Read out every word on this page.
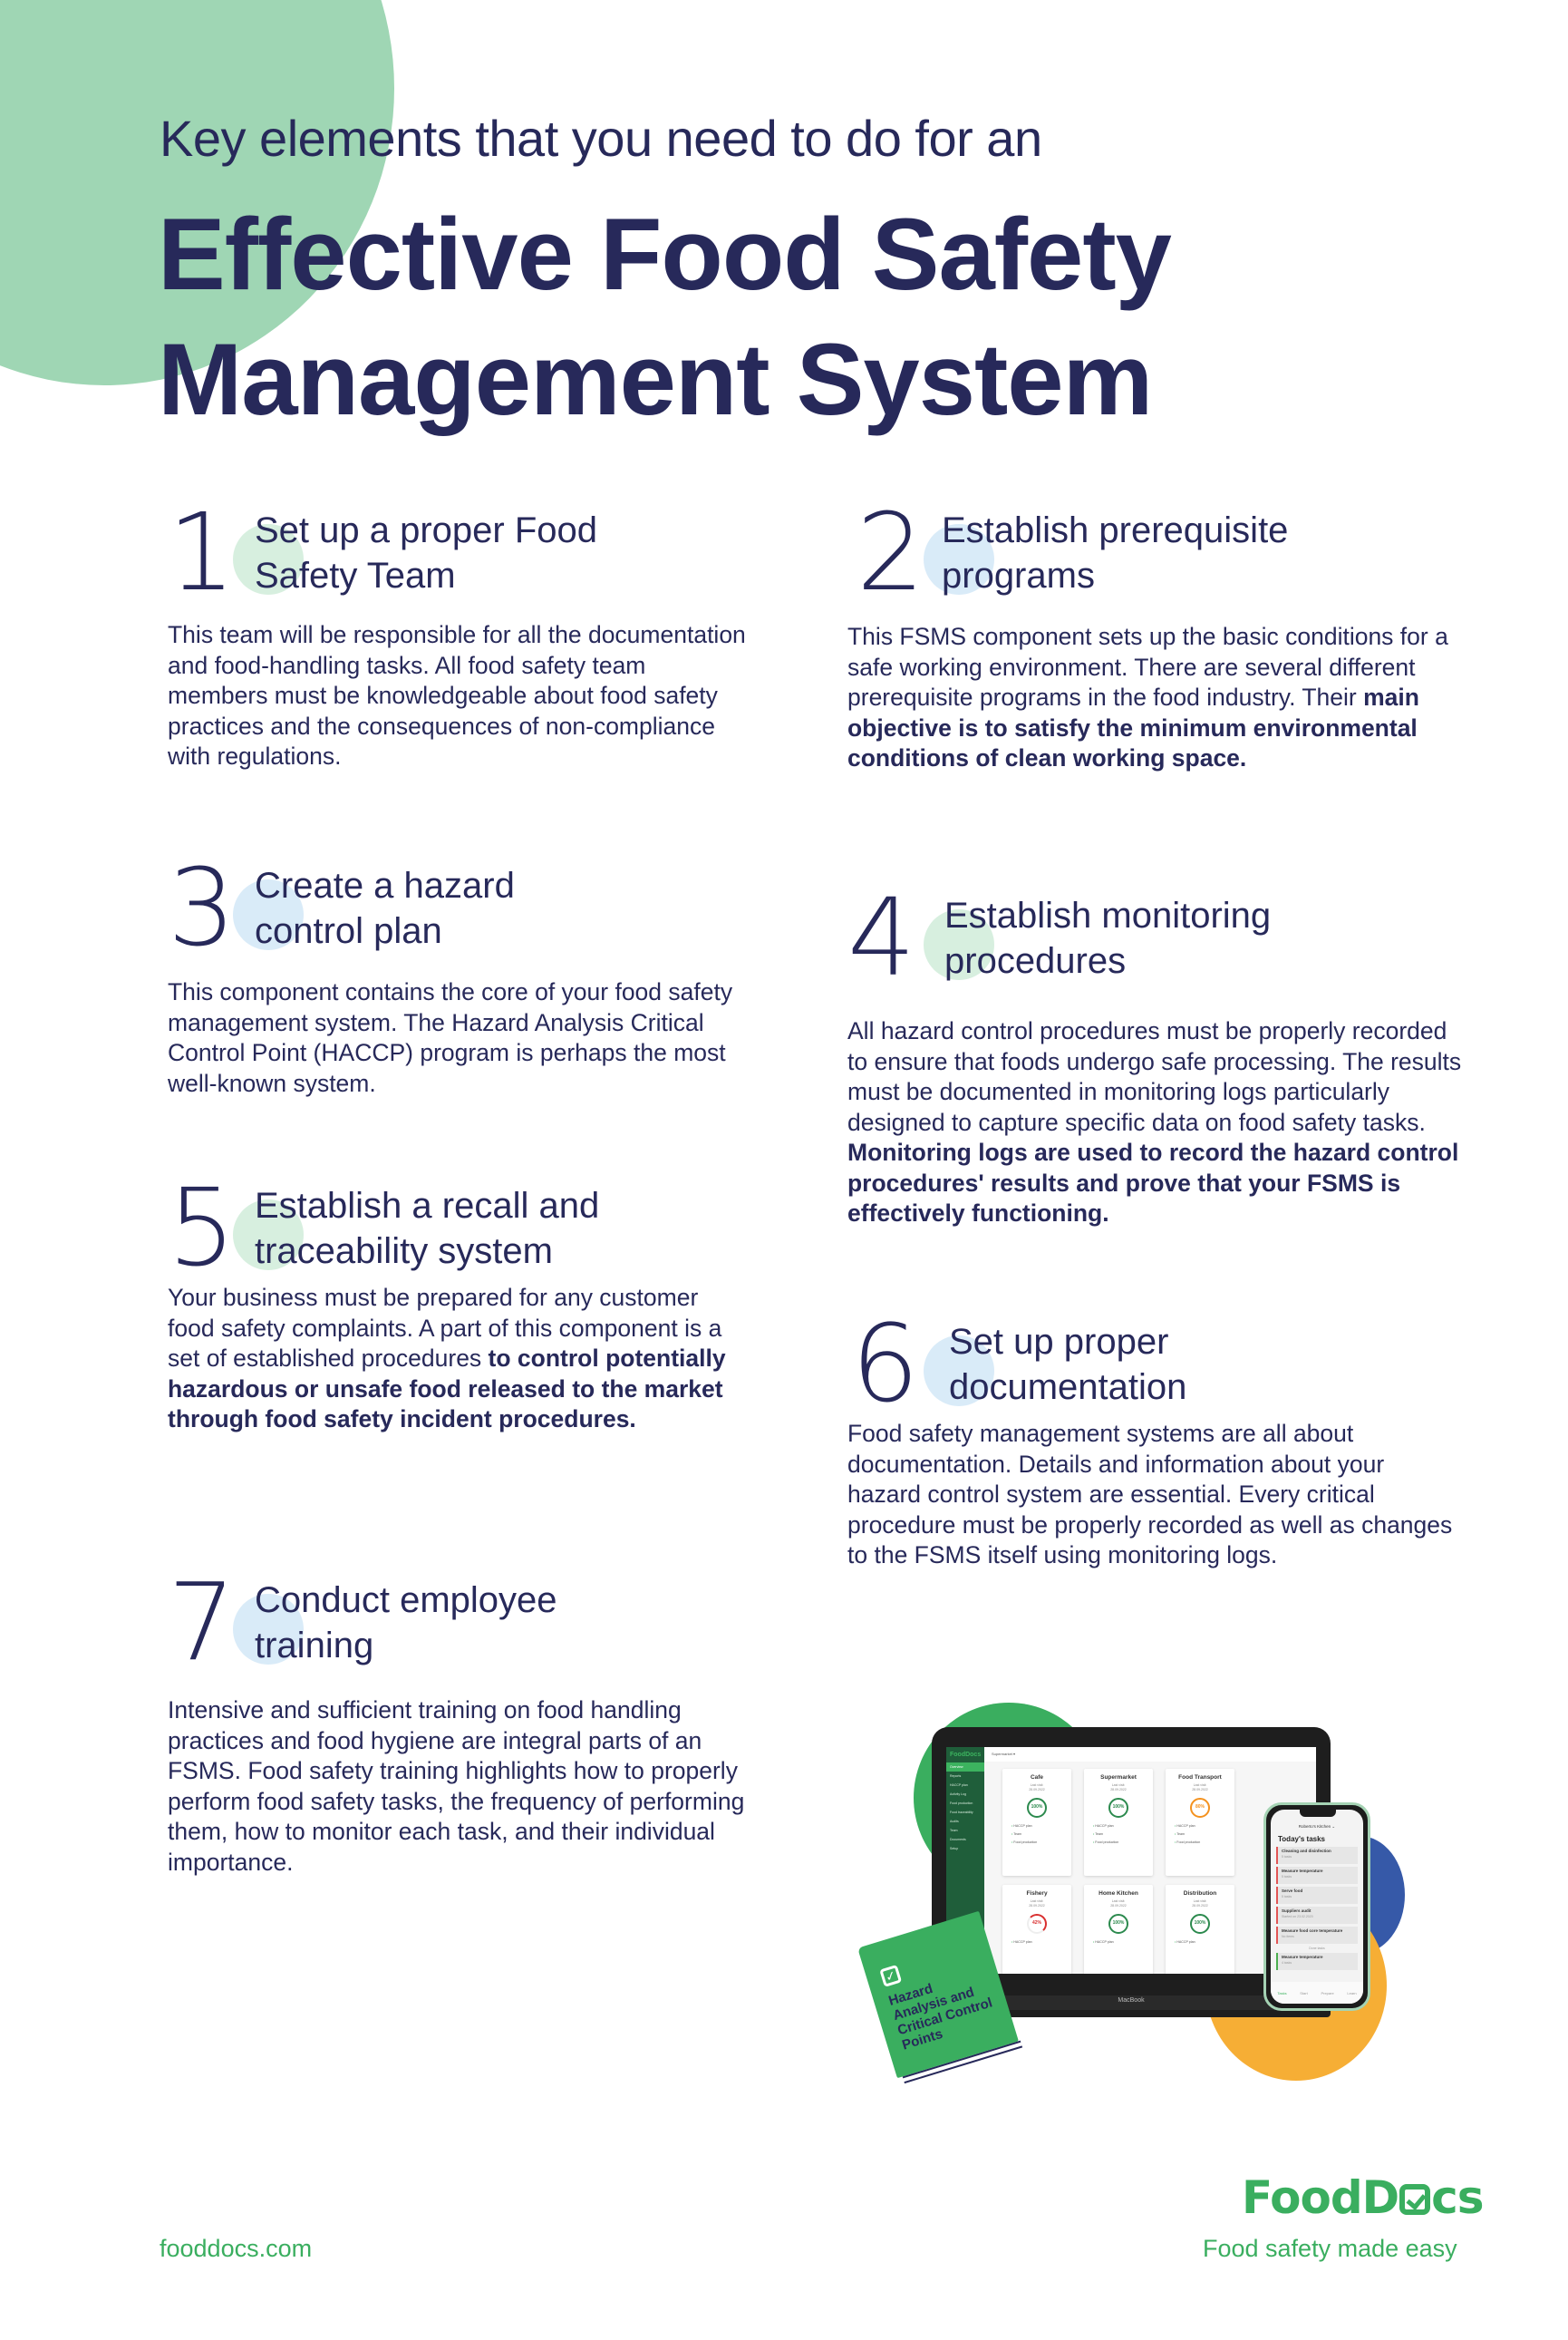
Key elements that you need to do for an
Effective Food Safety
Management System
1 Set up a proper Food Safety Team
This team will be responsible for all the documentation and food-handling tasks. All food safety team members must be knowledgeable about food safety practices and the consequences of non-compliance with regulations.
2 Establish prerequisite programs
This FSMS component sets up the basic conditions for a safe working environment. There are several different prerequisite programs in the food industry. Their main objective is to satisfy the minimum environmental conditions of clean working space.
3 Create a hazard control plan
This component contains the core of your food safety management system. The Hazard Analysis Critical Control Point (HACCP) program is perhaps the most well-known system.
4 Establish monitoring procedures
All hazard control procedures must be properly recorded to ensure that foods undergo safe processing. The results must be documented in monitoring logs particularly designed to capture specific data on food safety tasks. Monitoring logs are used to record the hazard control procedures' results and prove that your FSMS is effectively functioning.
5 Establish a recall and traceability system
Your business must be prepared for any customer food safety complaints. A part of this component is a set of established procedures to control potentially hazardous or unsafe food released to the market through food safety incident procedures.	6 Set up proper documentation
Food safety management systems are all about documentation. Details and information about your hazard control system are essential. Every critical procedure must be properly recorded as well as changes to the FSMS itself using monitoring logs.
7 Conduct employee training
Intensive and sufficient training on food handling practices and food hygiene are integral parts of an FSMS. Food safety training highlights how to properly perform food safety tasks, the frequency of performing them, how to monitor each task, and their individual importance.
FoodDocs
Overview
Reports
HACCP plan
Activity Log
Food production
Food traceability
Audits
Team
Documents
Setup
Supermarket ▾
Cafe
Last visit:
28.09.2022
100%
• HACCP plan
• Team
• Food production
Supermarket
Last visit:
28.09.2022
100%
• HACCP plan
• Team
• Food production
Food Transport
Last visit:
28.09.2022
80%
• HACCP plan
• Team
• Food production
Fishery
Last visit:
28.09.2022
42%
• HACCP plan
Home Kitchen
Last visit:
28.09.2022
100%
• HACCP plan
Distribution
Last visit:
28.09.2022
100%
• HACCP plan
MacBook
Roberto's Kitchen ⌄
Today's tasks
Cleaning and disinfection
5 tasks
Measure temperature
5 tasks
Serve food
5 tasks
Suppliers audit
Started on 23.02.2020
Measure food core temperature
No items
Done tasks
Measure temperature
4 tasks
Tasks	Start	Prepare	Learn
✓
Hazard Analysis and Critical Control Points
fooddocs.com
FoodD cs
Food safety made easy
